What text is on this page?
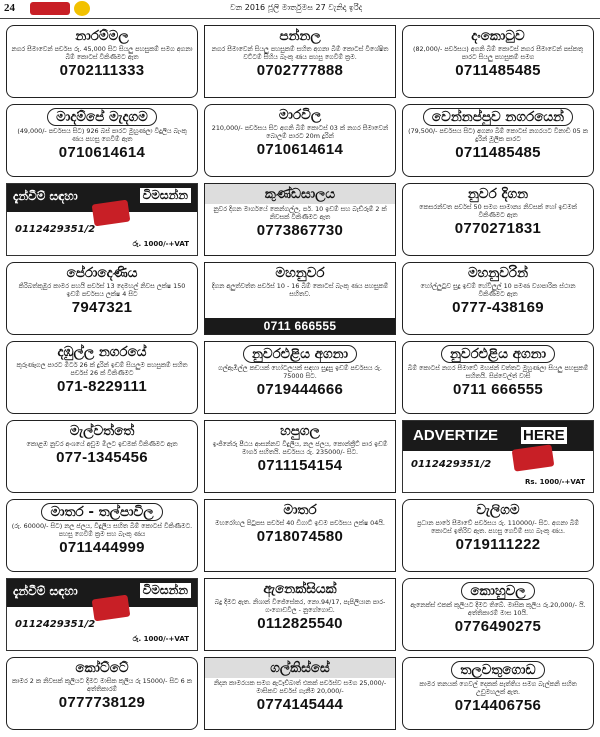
24	වන 2016 ජූලි මාර්තුමස 27 වැනිදා ඉරිද
නාරම්මල
නගර සීමාවෙන් පර්චස රු. 45,000 සිට සියලු පහසුකම් සමග අගනා බිම් කොටස් විකිණීමට ඇත
0702111333
පන්නල
නගර සීමාවෙන් සියලු පහසුකම් සහිත අගනා බිම් කොටස් විශේෂිත වට්ටම් සිහිය බැංකු ණය පහසු ගෙවීම් ක්‍රම.
0702777888
දංකොටුව
(82,000/- පර්චසය) අගනි බිම් කොටස් නගර සීමාවෙන් පස්කතු පාරට සියලු පහසුකම් සමග
0711485485
මාදම්පේ මැදගම
(49,000/- පර්චසය සිට) 926 බස් පාරට මුහුණලා විදුලිය බැංකු ණය පහසු ගෙවීම් ඇත
0710614614
මාරවිල
210,000/- පර්චසය සිට අගනි බිම් කොටස් 03 ක් නගර සීමාවෙන් බොලම් පාරට 20m දුරින්
0710614614
වෙන්නප්පුව නගරයෙන්
(79,500/- පර්චසය සිට) අගනා බිම් කොටස් නගරයට විනාඩි 05 ක දුරින් මූලික පාරට
0711485485
දැන්වීම් සඳහා	විමසන්න
0112429351/2
රු. 1000/-+VAT
කුණ්ඩසාලය
නුවර දිගන මාර්ගයේ කෙන්ගල්ල, පර්. 10 ඉඩම් සහ බැඩ්රූම් 2 ක් නිවසක් විකිණීමට ඇත
0773867730
නුවර දිගන
කෙසරන්වත පර්චස් 50 සමග සාමාන්‍ය නිවසක් හෝ ඉඩමක් විකිණීමට ඇත
0770271831
පේරාදෙණිය
කිරිබත්කුඹුර කාමර පහයි පර්චස් 13 දෙමහල් නිවස ලක්ෂ 150 ඉඩම් පර්චසය ලක්ෂ 4 සිට
7947321
මහනුවර
දිගන අලුත්වත්ත පර්චස් 10 - 16 බිම් කොටස් බැංකු ණය පහසුකම් සහිතව.
0711 666555
මහනුවරින්
හෝල්ලුටුව සුදු ඉඩම් හේවිලුල් 10 පමණ ව්‍යාපාරික ස්ථාන විකිණීමට ඇත
0777-438169
දඹුල්ල නගරයේ
කුරුණෑගල පාරට මීටර් 26 ක් දුරින් ඉඩම් සියලුම පහසුකම් සහිත පර්චස් 26 ක් විකිණීමට
071-8229111
නුවරඑළිය අගනා
ගල්ඇඹිල්ල කඩයක් හෝටලයක් සඳහා සුදුසු ඉඩම් පර්චසය රු. 75000 සිට.
0719444666
නුවරඑළිය අගනා
බිම් කොටස් නගර සීමාවේ මහජන් වත්තට මුහුණලා සියලු පහසුකම් සහිතයි. සිප්වෙල්ත් වාසි
0711 666555
මැල්වත්තේ
කොළඹ නුවර අංශයේ අඩුම මිලට ඉඩමක් විකිණීමට ඇත
077-1345456
හපුගල
ඉංජිනේරු පීඨය ආසන්නව විදුලිය, නල ජලය, කොන්ක්‍රීට් පාර ඉඩම් මාර්ග සහිතයි. පර්චසය රු. 235000/- සිට.
0711154154
ADVERTIZE HERE
0112429351/2
Rs. 1000/-+VAT
මාතර - තල්පාවිල
(රු. 60000/- සිට) නල ජලය, විදුලිය සහිත බිම් කොටස් විකිණීමට. පහසු ගෙවීම් ක්‍රම සහ බැංකු ණය
0711444999
මාතර
මහරෝහල පිටුපස පර්චස් 40 ඩිගාට් ඉඩම පර්චසය ලක්ෂ 04යි.
0718074580
වැලිගම
ප්‍රධාන පාරේ සීමාවේ පර්චසය රු. 110000/- සිට. අගනා බිම් කොටස් ඉතිරිව ඇත. පහසු ගෙවීම් සහ බැංකු ණය.
0719111222
දැන්වීම් සඳහා	විමසන්න
0112429351/2
රු. 1000/-+VAT
ඇනෙක්සියක්
බදු දීමට ඇත. නිශාන් විජේසේකර, නො.94/17, පැපිලියාන පාර- ගංගොඩවිල - නුගේගොඩ.
0112825540
කොහුවල
ඇනෙක්ස් එකක් කුලියට දීමට තිබේ. මාසික කුලිය රු.20,000/- යි. අත්තිකාරම් මාස 10යි.
0776490275
කෝට්ටේ
කාමර 2 ක නිවසක් කුලියට දීමට මාසික කුලිය රු 15000/- සිට 6 ක අත්තිකාරම්
0777738129
ගල්කිස්සේ
නිදන කාමරයක සමග ඇටෑච්බාත් එකක් පර්චස්ව සමග 25,000/- මාසිකව පර්චස් ගැනීම 20,000/-
0774145444
තලවතුගොඩ
කාමර තනයක් ගෙවල් දෙකක් පැත්තිය සමග බැල්කනි සහිත උඩුමහලක් ඇත.
0714406756
